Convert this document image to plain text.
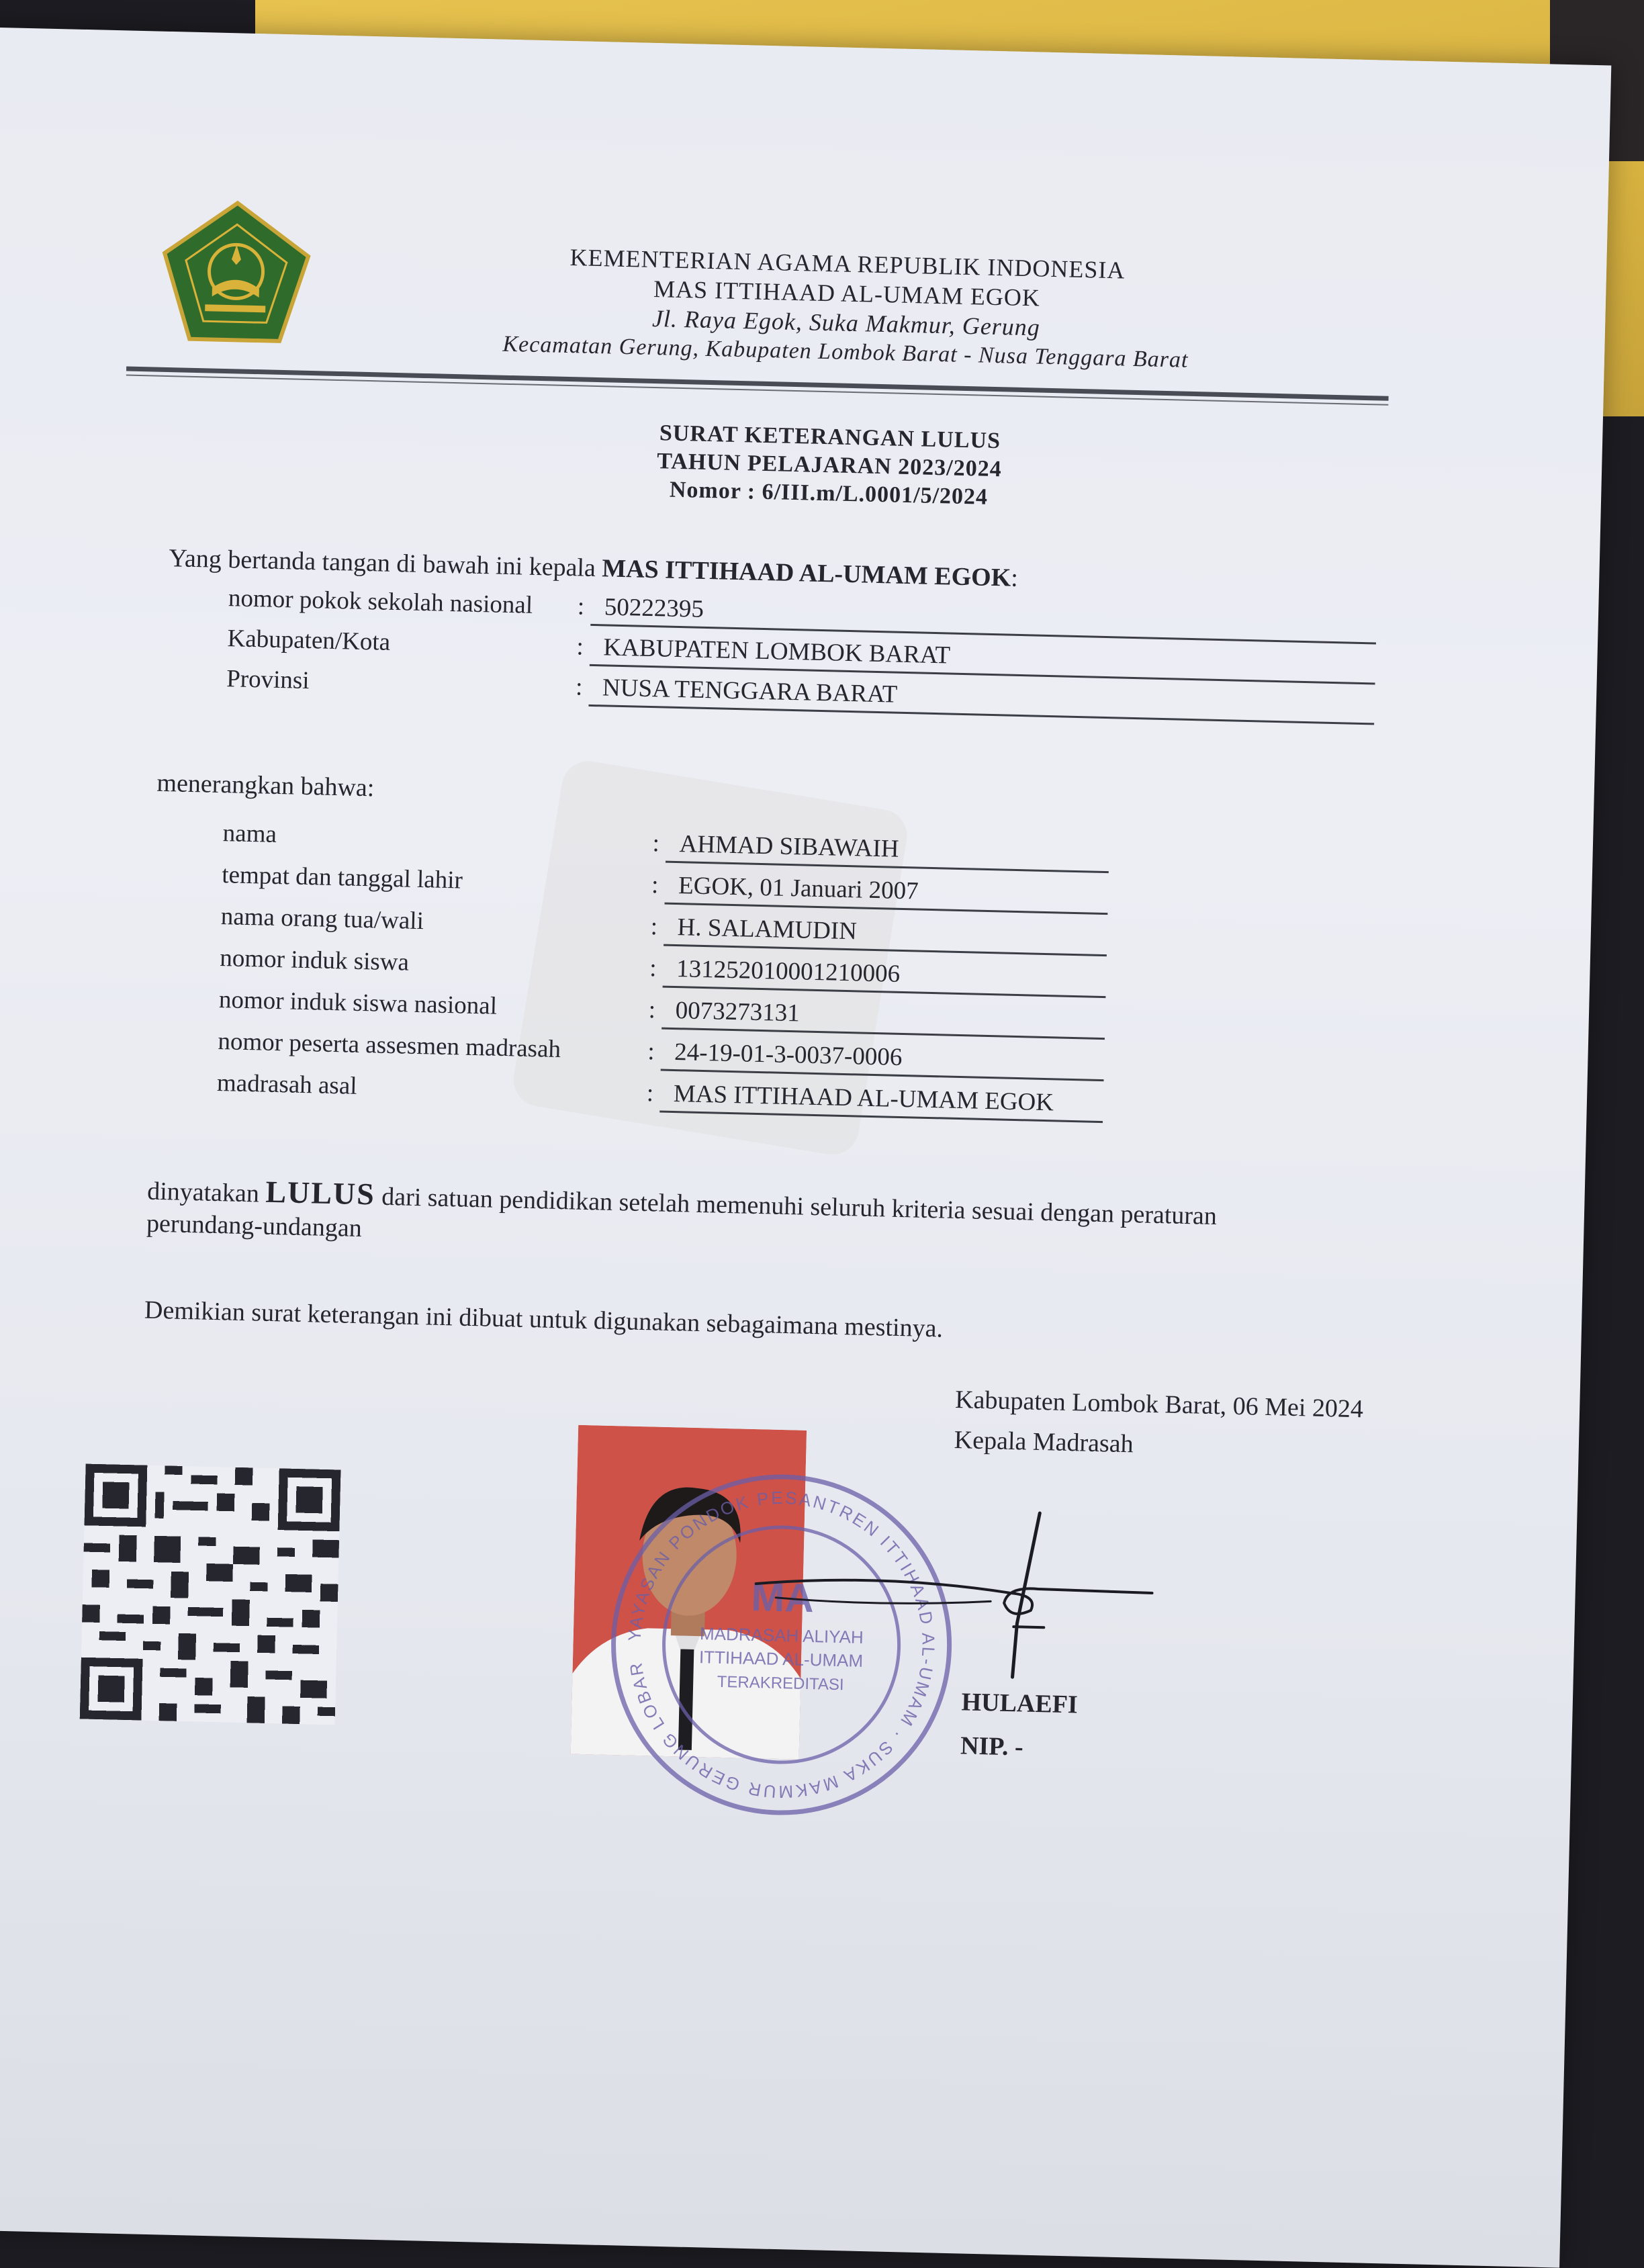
KEMENTERIAN AGAMA REPUBLIK INDONESIA
MAS ITTIHAAD AL-UMAM EGOK
Jl. Raya Egok, Suka Makmur, Gerung
Kecamatan Gerung, Kabupaten Lombok Barat - Nusa Tenggara Barat
SURAT KETERANGAN LULUS
TAHUN PELAJARAN 2023/2024
Nomor : 6/III.m/L.0001/5/2024
Yang bertanda tangan di bawah ini kepala MAS ITTIHAAD AL-UMAM EGOK:
nomor pokok sekolah nasional : 50222395
Kabupaten/Kota	: KABUPATEN LOMBOK BARAT
Provinsi	: NUSA TENGGARA BARAT
menerangkan bahwa:
nama	: AHMAD SIBAWAIH
tempat dan tanggal lahir	: EGOK, 01 Januari 2007
nama orang tua/wali	: H. SALAMUDIN
nomor induk siswa	: 131252010001210006
nomor induk siswa nasional	: 0073273131
nomor peserta assesmen madrasah	: 24-19-01-3-0037-0006
madrasah asal	: MAS ITTIHAAD AL-UMAM EGOK
dinyatakan LULUS dari satuan pendidikan setelah memenuhi seluruh kriteria sesuai dengan peraturan
perundang-undangan
Demikian surat keterangan ini dibuat untuk digunakan sebagaimana mestinya.
Kabupaten Lombok Barat, 06 Mei 2024
Kepala Madrasah
HULAEFI
NIP. -
YAYASAN PONDOK PESANTREN ITTIHAAD AL-UMAM · SUKA MAKMUR GERUNG LOBAR
MA
MADRASAH ALIYAH
ITTIHAAD AL-UMAM
TERAKREDITASI
